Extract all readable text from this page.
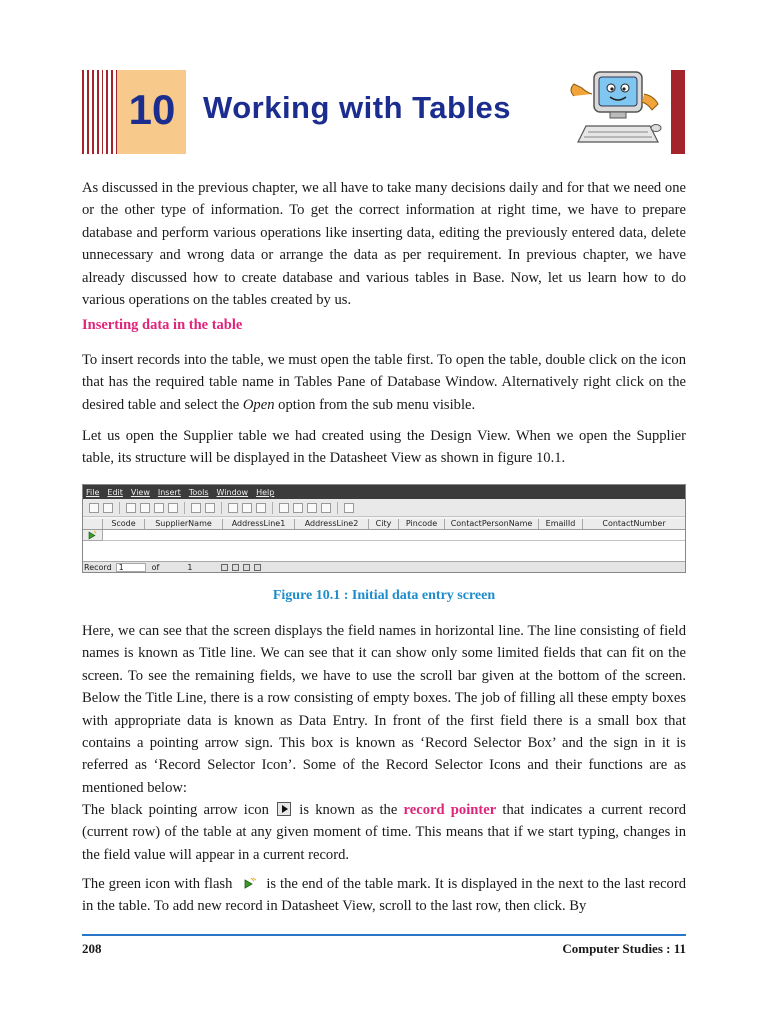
10 Working with Tables

As discussed in the previous chapter, we all have to take many decisions daily and for that we need one or the other type of information. To get the correct information at right time, we have to prepare database and perform various operations like inserting data, editing the previously entered data, delete unnecessary and wrong data or arrange the data as per requirement. In previous chapter, we have already discussed how to create database and various tables in Base. Now, let us learn how to do various operations on the tables created by us.

Inserting data in the table

To insert records into the table, we must open the table first. To open the table, double click on the icon that has the required table name in Tables Pane of Database Window. Alternatively right click on the desired table and select the Open option from the sub menu visible.

Let us open the Supplier table we had created using the Design View. When we open the Supplier table, its structure will be displayed in the Datasheet View as shown in figure 10.1.

File Edit View Insert Tools Window Help
Scode	SupplierName	AddressLine1	AddressLine2	City	Pincode	ContactPersonName	EmailId	ContactNumber
Record 1	of	1
Figure 10.1 : Initial data entry screen

Here, we can see that the screen displays the field names in horizontal line. The line consisting of field names is known as Title line. We can see that it can show only some limited fields that can fit on the screen. To see the remaining fields, we have to use the scroll bar given at the bottom of the screen. Below the Title Line, there is a row consisting of empty boxes. The job of filling all these empty boxes with appropriate data is known as Data Entry. In front of the first field there is a small box that contains a pointing arrow sign. This box is known as ‘Record Selector Box’ and the sign in it is referred as ‘Record Selector Icon’. Some of the Record Selector Icons and their functions are as mentioned below:

The black pointing arrow icon  is known as the record pointer that indicates a current record (current row) of the table at any given moment of time. This means that if we start typing, changes in the field value will appear in a current record.

The green icon with flash  is the end of the table mark. It is displayed in the next to the last record in the table. To add new record in Datasheet View, scroll to the last row, then click. By

208	Computer Studies : 11
